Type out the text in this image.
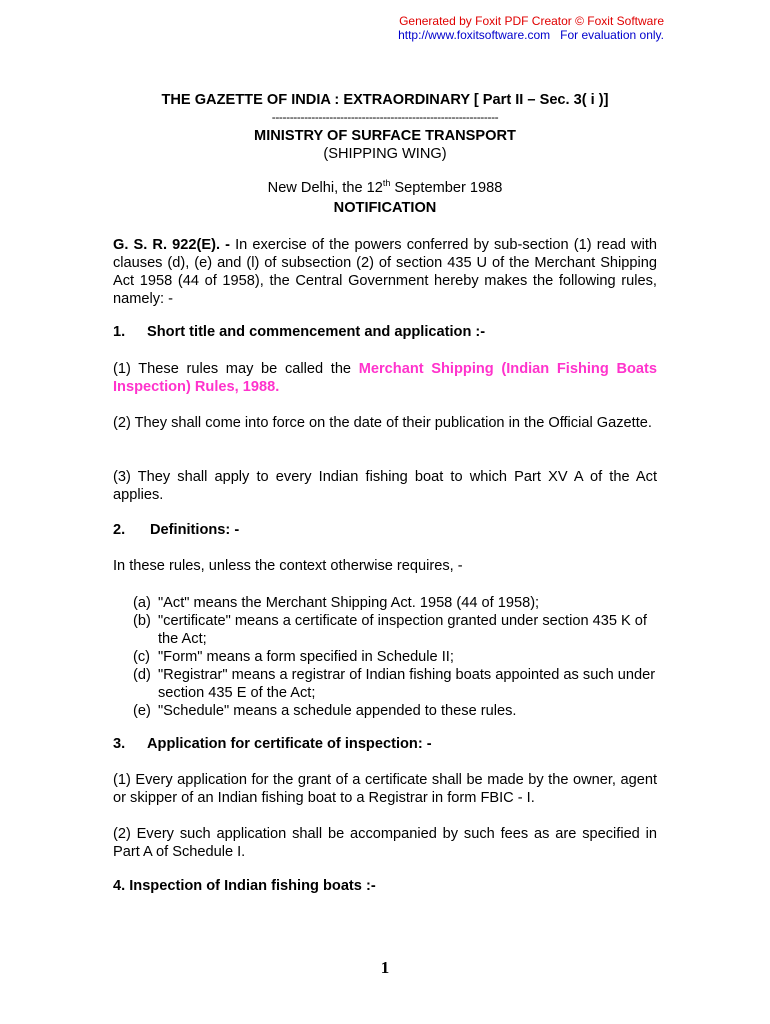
Generated by Foxit PDF Creator © Foxit Software
http://www.foxitsoftware.com For evaluation only.
THE GAZETTE OF INDIA : EXTRAORDINARY [ Part II – Sec. 3( i )]
---------------------------------------------------------------
MINISTRY OF SURFACE TRANSPORT
(SHIPPING WING)
New Delhi, the 12th September 1988
NOTIFICATION
G. S. R. 922(E). - In exercise of the powers conferred by sub-section (1) read with clauses (d), (e) and (l) of subsection (2) of section 435 U of the Merchant Shipping Act 1958 (44 of 1958), the Central Government hereby makes the following rules, namely: -
1. Short title and commencement and application :-
(1) These rules may be called the Merchant Shipping (Indian Fishing Boats Inspection) Rules, 1988.
(2) They shall come into force on the date of their publication in the Official Gazette.
(3) They shall apply to every Indian fishing boat to which Part XV A of the Act applies.
2. Definitions: -
In these rules, unless the context otherwise requires, -
(a) "Act" means the Merchant Shipping Act. 1958 (44 of 1958);
(b) "certificate" means a certificate of inspection granted under section 435 K of the Act;
(c) "Form" means a form specified in Schedule II;
(d) "Registrar" means a registrar of Indian fishing boats appointed as such under section 435 E of the Act;
(e) "Schedule" means a schedule appended to these rules.
3. Application for certificate of inspection: -
(1) Every application for the grant of a certificate shall be made by the owner, agent or skipper of an Indian fishing boat to a Registrar in form FBIC - I.
(2) Every such application shall be accompanied by such fees as are specified in Part A of Schedule I.
4. Inspection of Indian fishing boats :-
1
